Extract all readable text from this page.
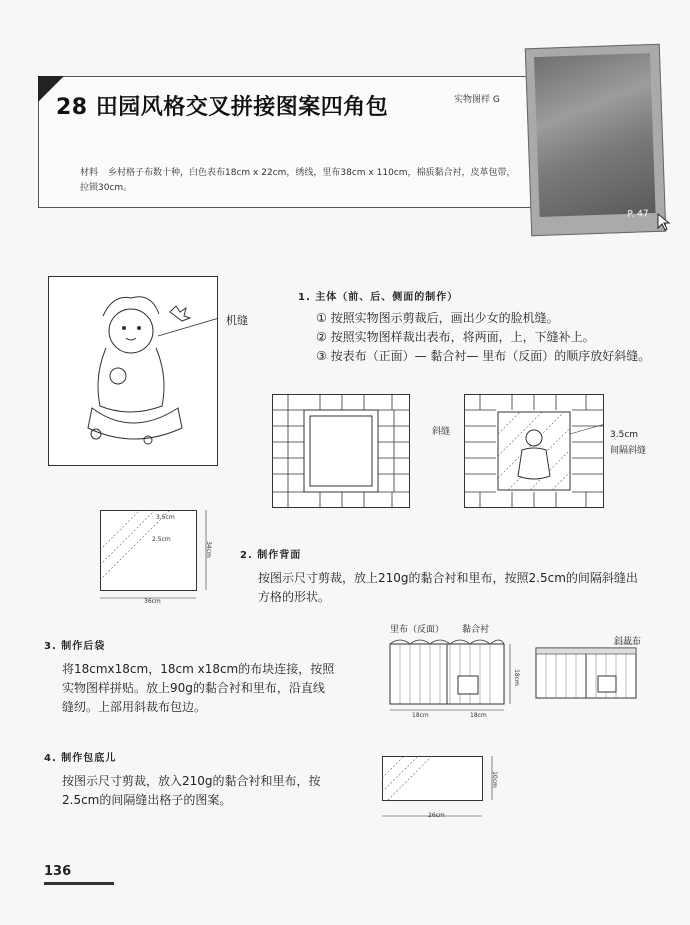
28 田园风格交叉拼接图案四角包	实物图样 G
材料 乡村格子布数十种，白色表布18cm x 22cm，绣线，里布38cm x 110cm，棉质黏合衬，皮革包带，拉锁30cm。
P. 47
机缝
1. 主体（前、后、侧面的制作）
① 按照实物图示剪裁后，画出少女的脸机缝。
② 按照实物图样裁出表布，将两面，上，下缝补上。
③ 按表布（正面）— 黏合衬— 里布（反面）的顺序放好斜缝。
斜缝	3.5cm
间隔斜缝
3.5cm
2.5cm
36cm
34cm	2. 制作背面
按图示尺寸剪裁，放上210g的黏合衬和里布，按照2.5cm的间隔斜缝出
方格的形状。
3. 制作后袋
将18cmx18cm，18cm x18cm的布块连接，按照
实物图样拼贴。放上90g的黏合衬和里布，沿直线
缝纫。上部用斜裁布包边。
里布（反面） 黏合衬
18cm	18cm
18cm
斜裁布
4. 制作包底儿
按图示尺寸剪裁，放入210g的黏合衬和里布，按
2.5cm的间隔缝出格子的图案。
26cm
10cm
136
